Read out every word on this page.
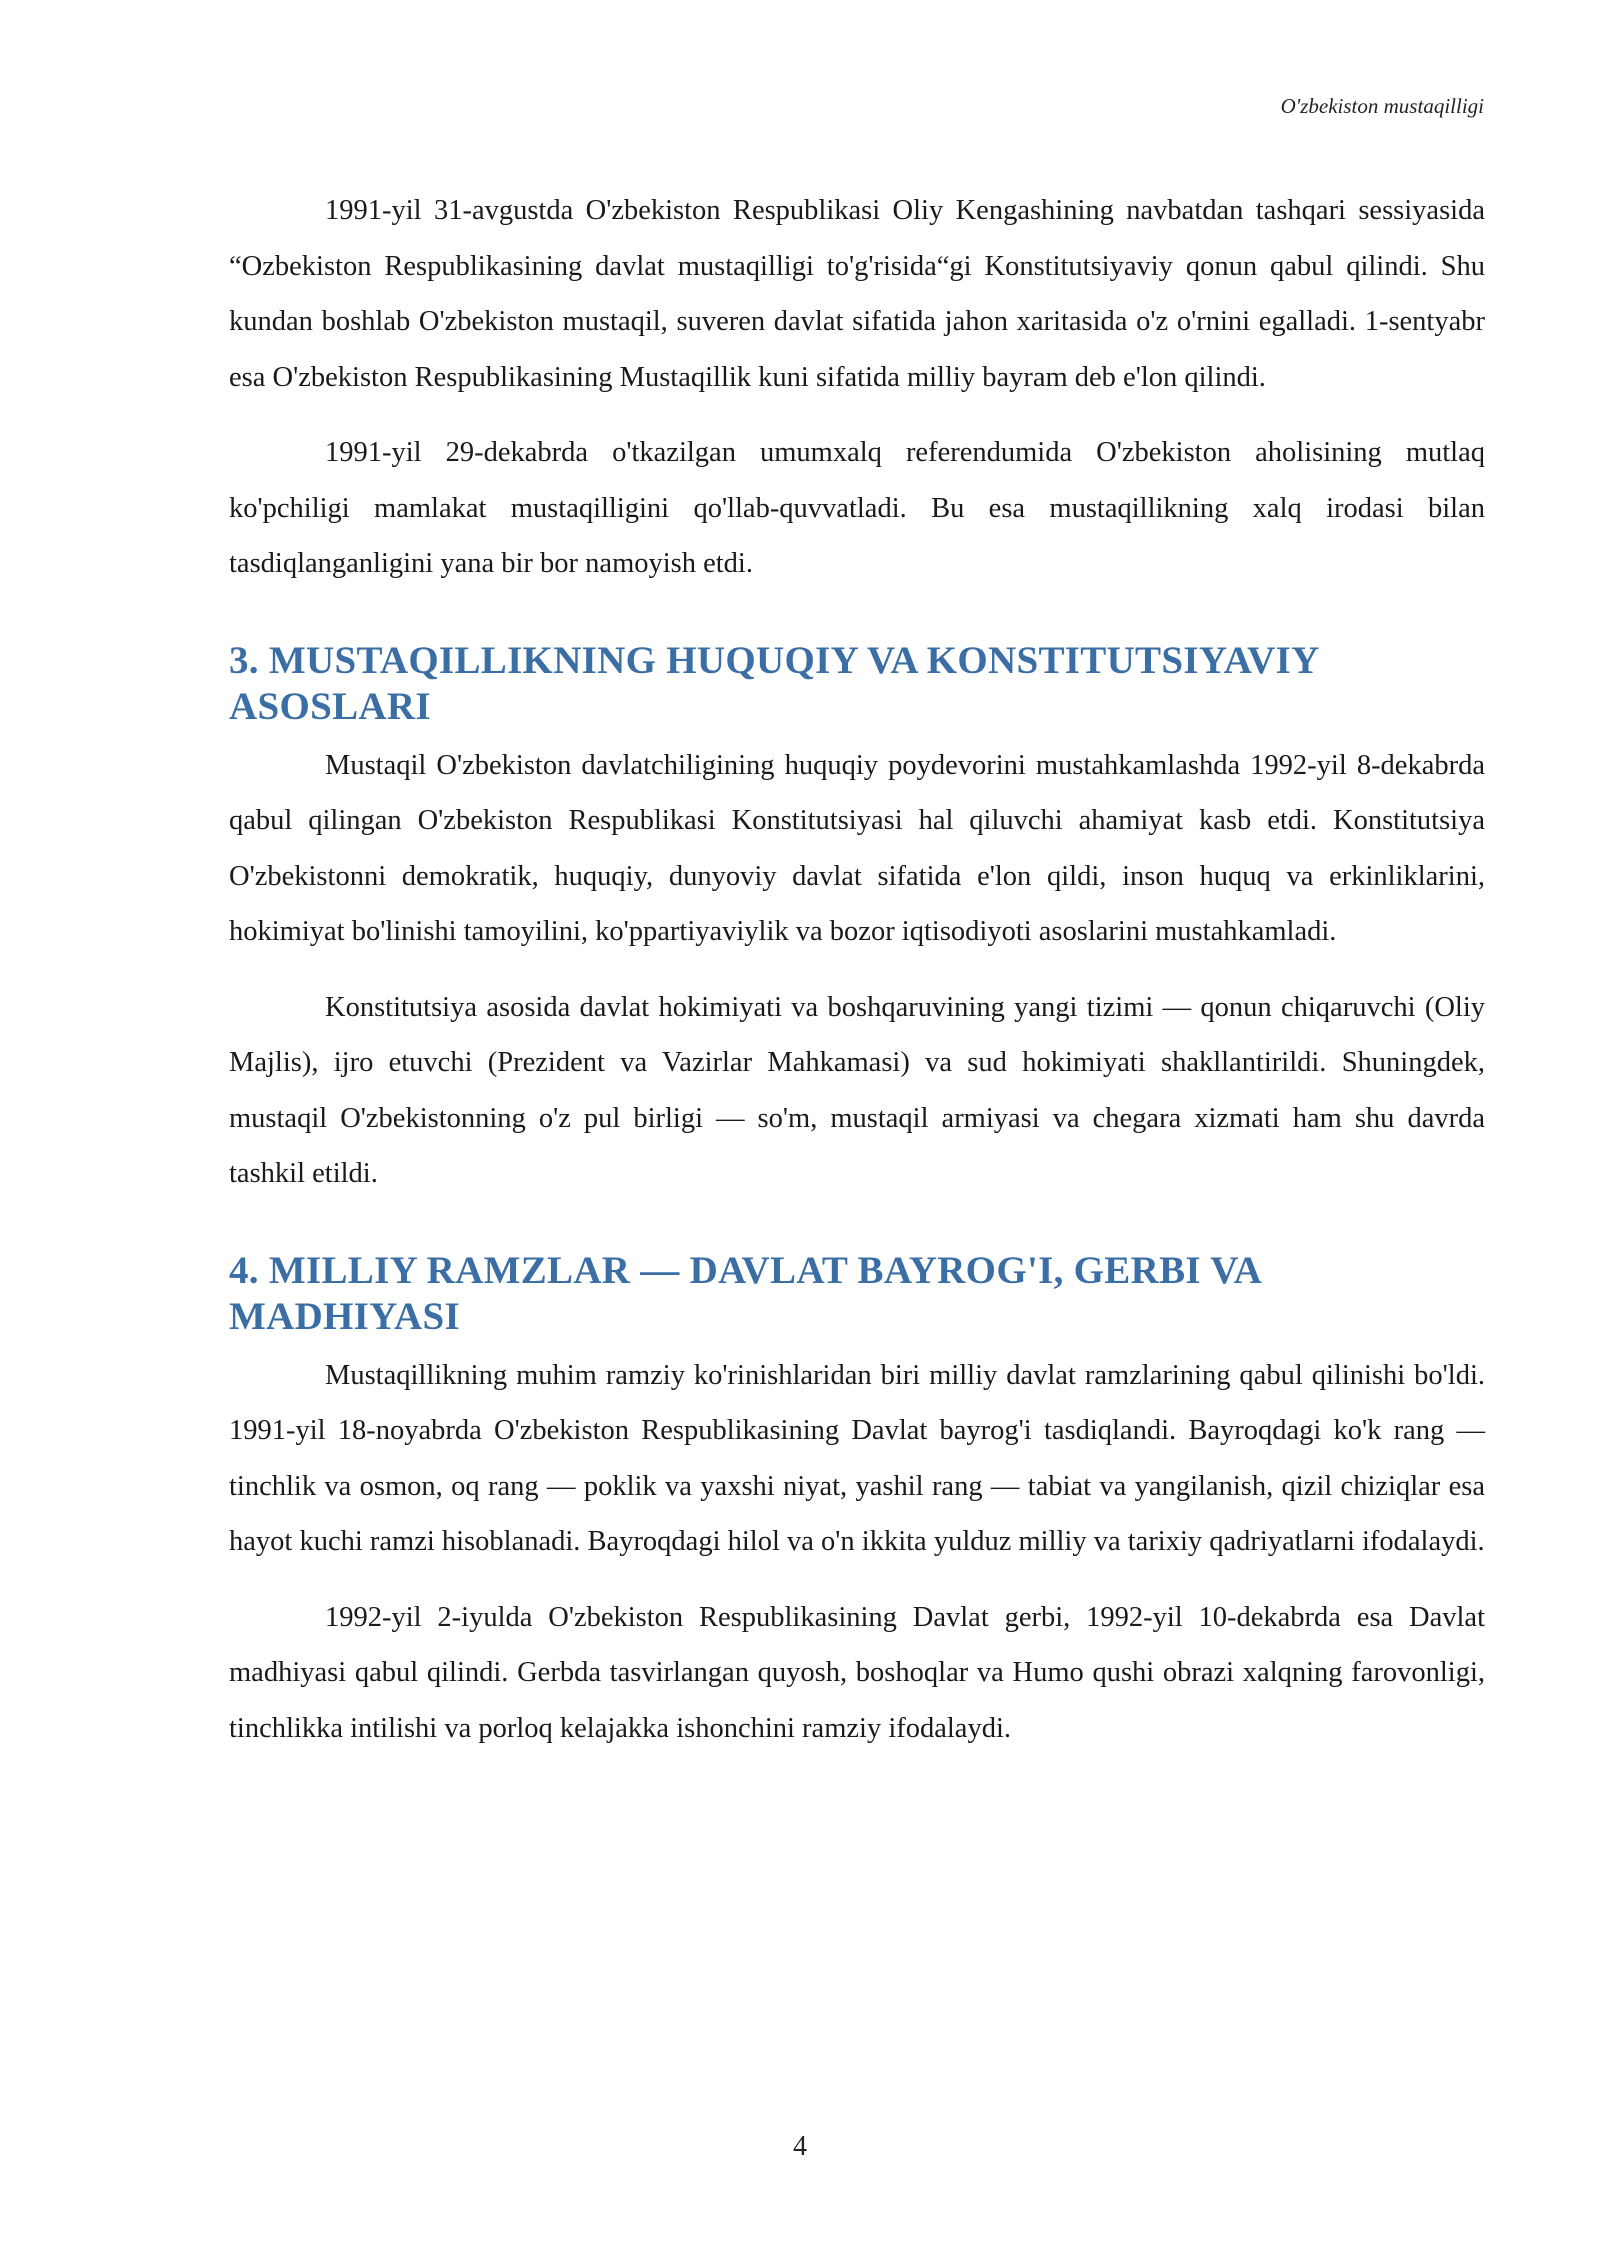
O'zbekiston mustaqilligi

1991-yil 31-avgustda O'zbekiston Respublikasi Oliy Kengashining navbatdan tashqari sessiyasida “Ozbekiston Respublikasining davlat mustaqilligi to'g'risida“gi Konstitutsiyaviy qonun qabul qilindi. Shu kundan boshlab O'zbekiston mustaqil, suveren davlat sifatida jahon xaritasida o'z o'rnini egalladi. 1-sentyabr esa O'zbekiston Respublikasining Mustaqillik kuni sifatida milliy bayram deb e'lon qilindi.

1991-yil 29-dekabrda o'tkazilgan umumxalq referendumida O'zbekiston aholisining mutlaq ko'pchiligi mamlakat mustaqilligini qo'llab-quvvatladi. Bu esa mustaqillikning xalq irodasi bilan tasdiqlanganligini yana bir bor namoyish etdi.

3. MUSTAQILLIKNING HUQUQIY VA KONSTITUTSIYAVIY
ASOSLARI

Mustaqil O'zbekiston davlatchiligining huquqiy poydevorini mustahkamlashda 1992-yil 8-dekabrda qabul qilingan O'zbekiston Respublikasi Konstitutsiyasi hal qiluvchi ahamiyat kasb etdi. Konstitutsiya O'zbekistonni demokratik, huquqiy, dunyoviy davlat sifatida e'lon qildi, inson huquq va erkinliklarini, hokimiyat bo'linishi tamoyilini, ko'ppartiyaviylik va bozor iqtisodiyoti asoslarini mustahkamladi.

Konstitutsiya asosida davlat hokimiyati va boshqaruvining yangi tizimi — qonun chiqaruvchi (Oliy Majlis), ijro etuvchi (Prezident va Vazirlar Mahkamasi) va sud hokimiyati shakllantirildi. Shuningdek, mustaqil O'zbekistonning o'z pul birligi — so'm, mustaqil armiyasi va chegara xizmati ham shu davrda tashkil etildi.

4. MILLIY RAMZLAR — DAVLAT BAYROG'I, GERBI VA
MADHIYASI

Mustaqillikning muhim ramziy ko'rinishlaridan biri milliy davlat ramzlarining qabul qilinishi bo'ldi. 1991-yil 18-noyabrda O'zbekiston Respublikasining Davlat bayrog'i tasdiqlandi. Bayroqdagi ko'k rang — tinchlik va osmon, oq rang — poklik va yaxshi niyat, yashil rang — tabiat va yangilanish, qizil chiziqlar esa hayot kuchi ramzi hisoblanadi. Bayroqdagi hilol va o'n ikkita yulduz milliy va tarixiy qadriyatlarni ifodalaydi.

1992-yil 2-iyulda O'zbekiston Respublikasining Davlat gerbi, 1992-yil 10-dekabrda esa Davlat madhiyasi qabul qilindi. Gerbda tasvirlangan quyosh, boshoqlar va Humo qushi obrazi xalqning farovonligi, tinchlikka intilishi va porloq kelajakka ishonchini ramziy ifodalaydi.

4
